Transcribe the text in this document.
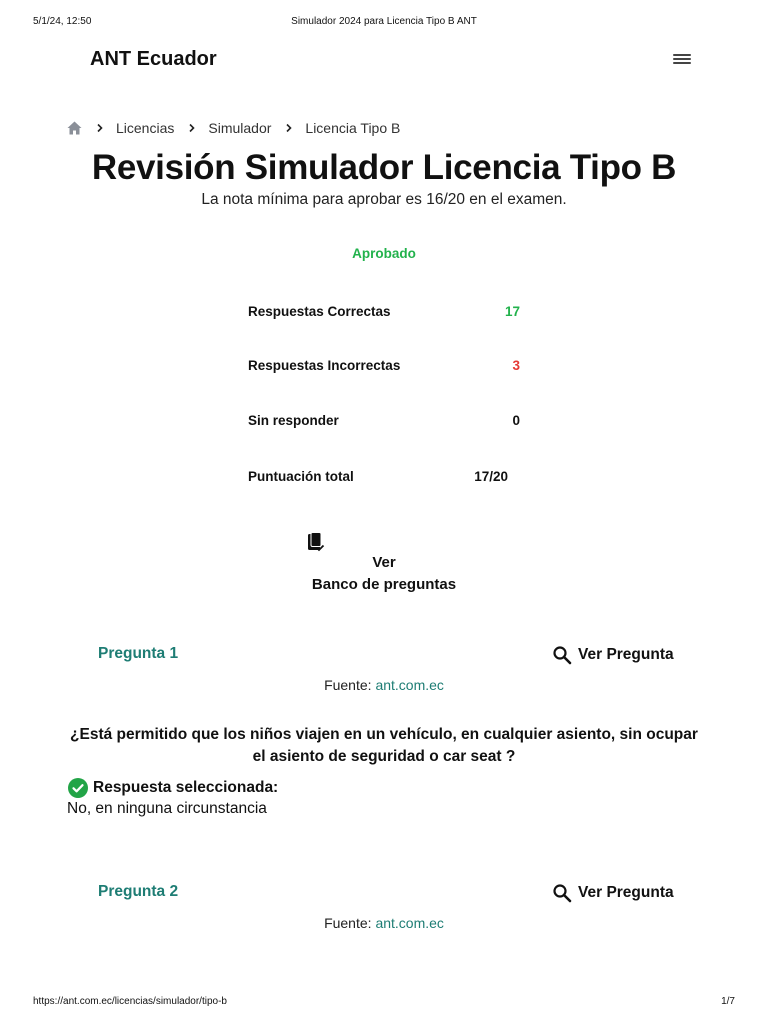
5/1/24, 12:50	Simulador 2024 para Licencia Tipo B ANT
ANT Ecuador
Licencias Simulador Licencia Tipo B
Revisión Simulador Licencia Tipo B

La nota mínima para aprobar es 16/20 en el examen.

Aprobado
Respuestas Correctas	17
Respuestas Incorrectas	3
Sin responder	0
Puntuación total	17/20
Ver
Banco de preguntas
Pregunta 1	Ver Pregunta
Fuente: ant.com.ec
¿Está permitido que los niños viajen en un vehículo, en cualquier asiento, sin ocupar el asiento de seguridad o car seat ?
Respuesta seleccionada:
No, en ninguna circunstancia
Pregunta 2	Ver Pregunta
Fuente: ant.com.ec
https://ant.com.ec/licencias/simulador/tipo-b	1/7
